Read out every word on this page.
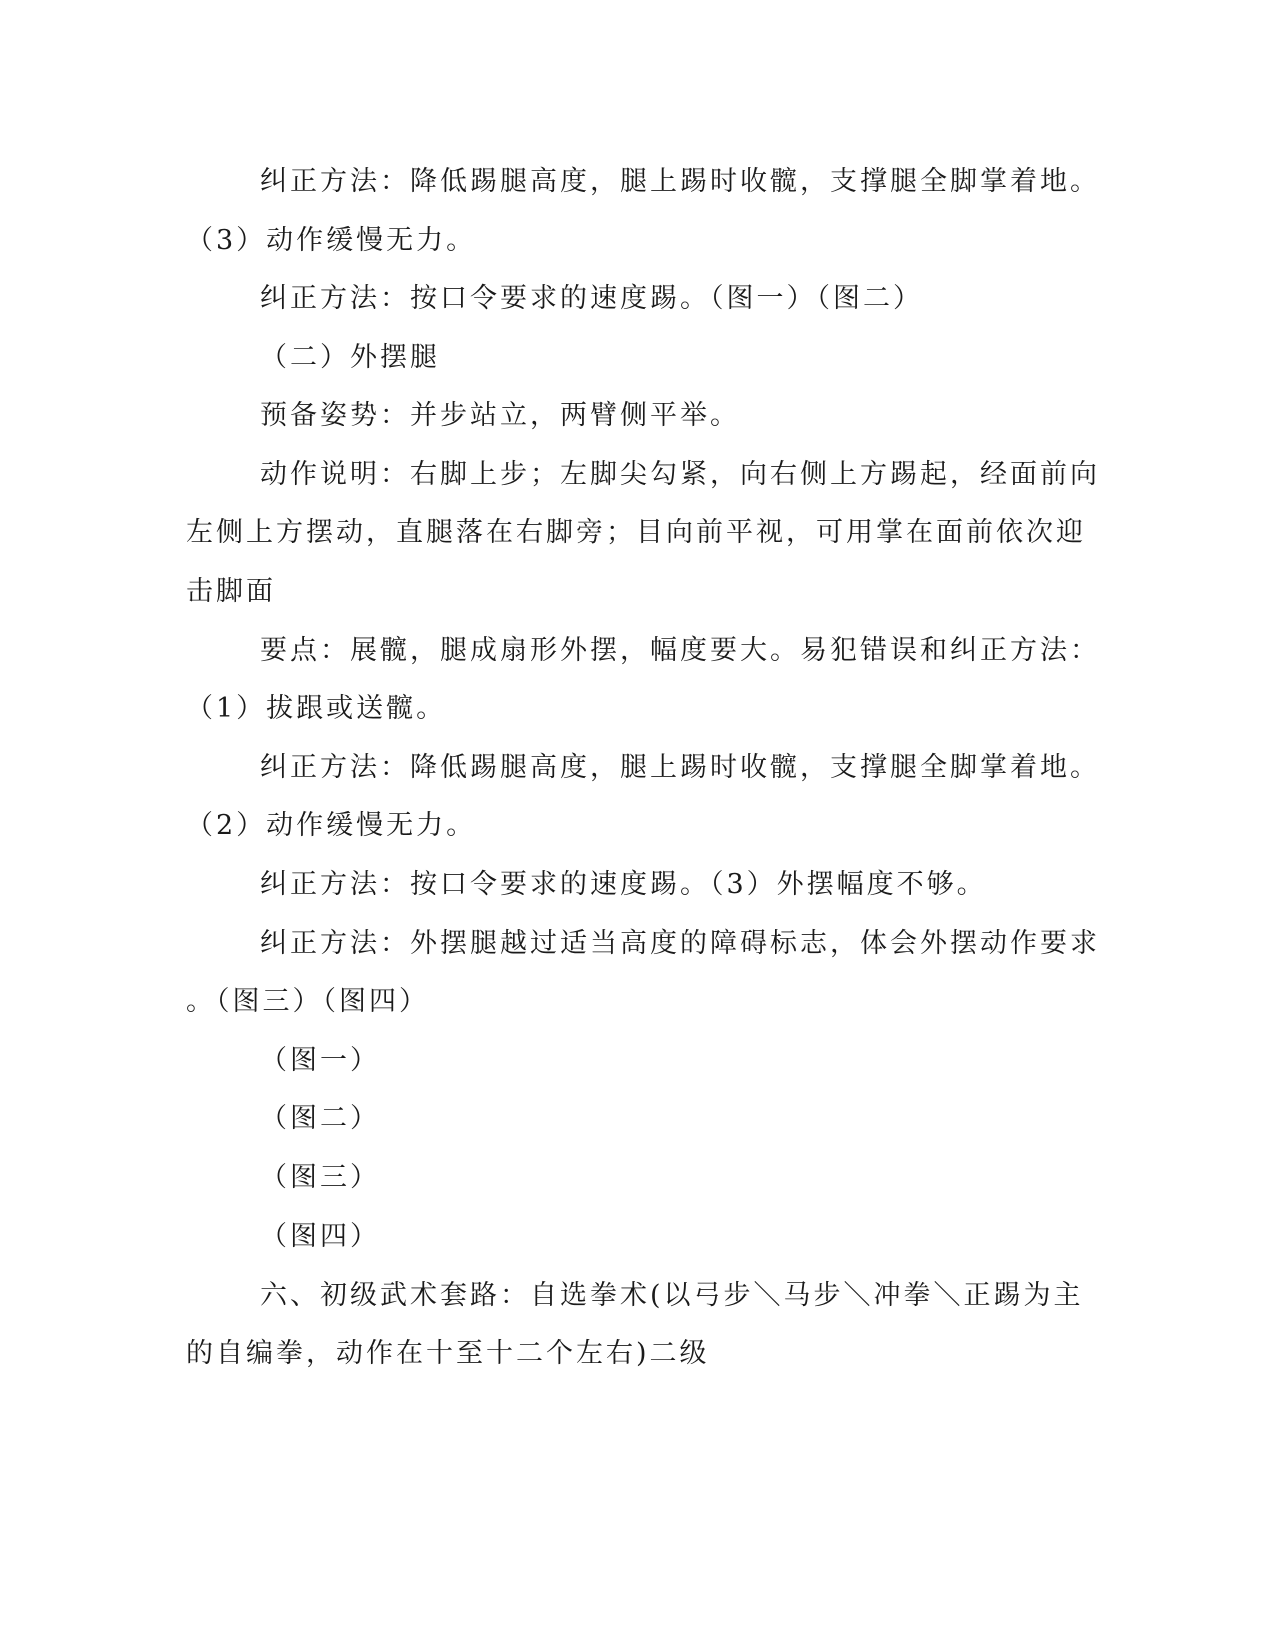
纠正方法：降低踢腿高度，腿上踢时收髋，支撑腿全脚掌着地。
（3）动作缓慢无力。
纠正方法：按口令要求的速度踢。（图一）（图二）
（二）外摆腿
预备姿势：并步站立，两臂侧平举。
动作说明：右脚上步；左脚尖勾紧，向右侧上方踢起，经面前向
左侧上方摆动，直腿落在右脚旁；目向前平视，可用掌在面前依次迎
击脚面
要点：展髋，腿成扇形外摆，幅度要大。易犯错误和纠正方法：
（1）拔跟或送髋。
纠正方法：降低踢腿高度，腿上踢时收髋，支撑腿全脚掌着地。
（2）动作缓慢无力。
纠正方法：按口令要求的速度踢。（3）外摆幅度不够。
纠正方法：外摆腿越过适当高度的障碍标志，体会外摆动作要求
。（图三）（图四）
（图一）
（图二）
（图三）
（图四）
六、初级武术套路：自选拳术(以弓步＼马步＼冲拳＼正踢为主
的自编拳，动作在十至十二个左右)二级
